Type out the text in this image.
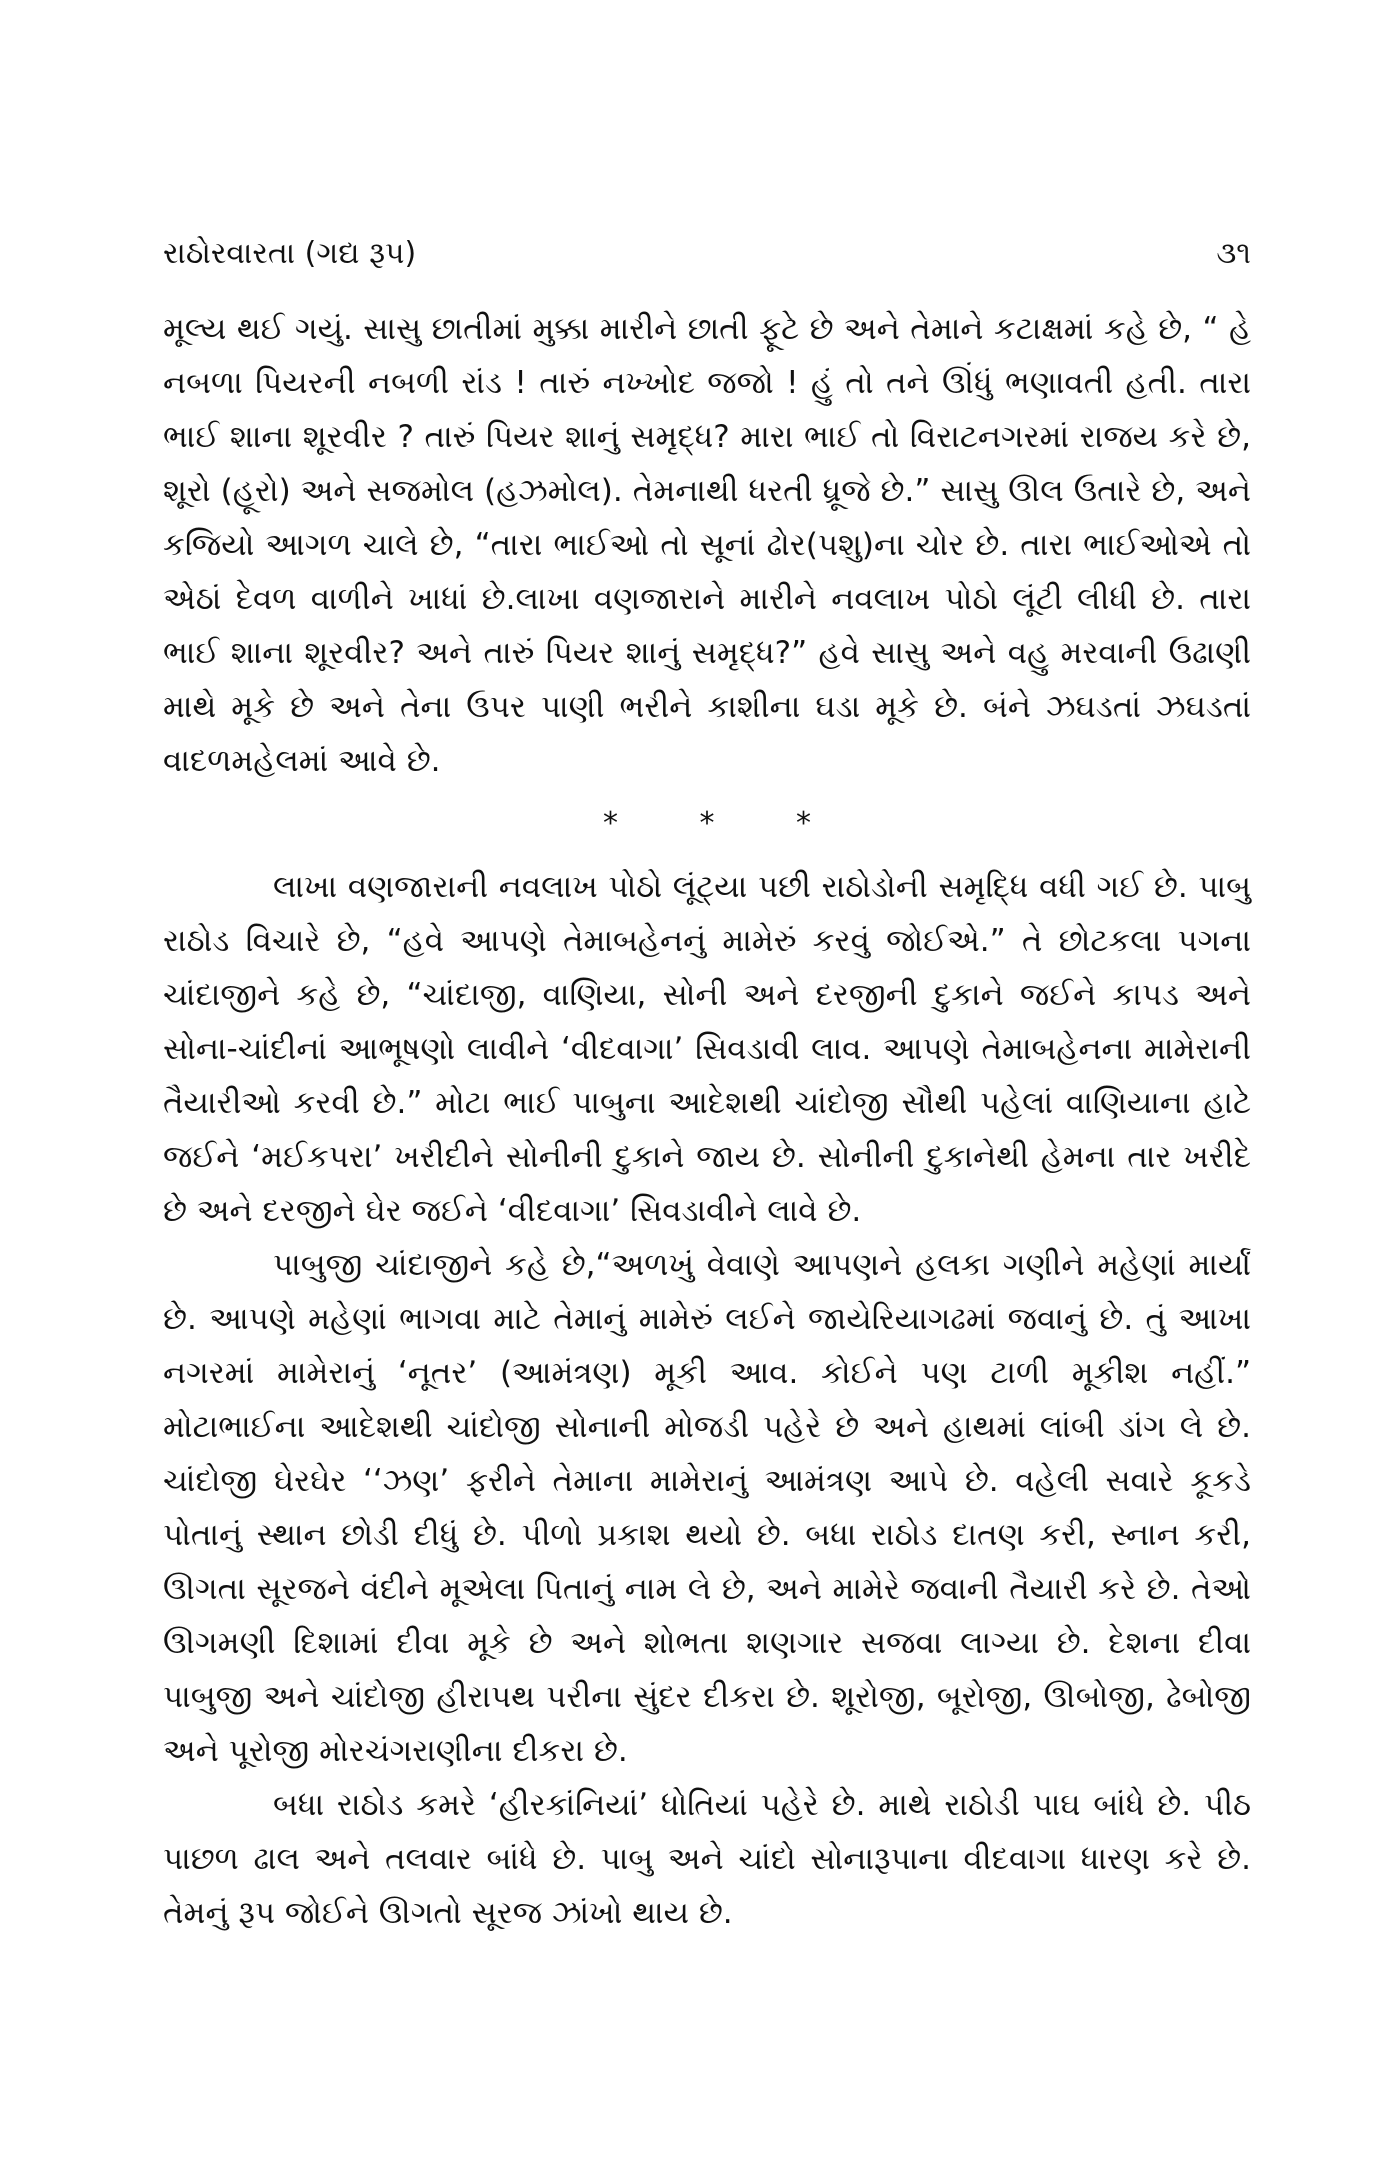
રાઠોરવારતા (ગદ્ય રૂપ)	૩૧

મૂલ્ય થઈ ગયું. સાસુ છાતીમાં મુક્કા મારીને છાતી ફૂટે છે અને તેમાને કટાક્ષમાં કહે છે, “ હે નબળા પિયરની નબળી રાંડ ! તારું નખ્ખોદ જજો ! હું તો તને ઊંધું ભણાવતી હતી. તારા ભાઈ શાના શૂરવીર ? તારું પિયર શાનું સમૃદ્ધ? મારા ભાઈ તો વિરાટનગરમાં રાજય કરે છે, શૂરો (હૂરો) અને સજમોલ (હઝમોલ). તેમનાથી ધરતી ધ્રૂજે છે.” સાસુ ઊલ ઉતારે છે, અને કજિયો આગળ ચાલે છે, “તારા ભાઈઓ તો સૂનાં ઢોર(પશુ)ના ચોર છે. તારા ભાઈઓએ તો એઠાં દેવળ વાળીને ખાધાં છે.લાખા વણજારાને મારીને નવલાખ પોઠો લૂંટી લીધી છે. તારા ભાઈ શાના શૂરવીર? અને તારું પિયર શાનું સમૃદ્ધ?” હવે સાસુ અને વહુ મરવાની ઉઢાણી માથે મૂકે છે અને તેના ઉપર પાણી ભરીને કાશીના ઘડા મૂકે છે. બંને ઝઘડતાં ઝઘડતાં વાદળમહેલમાં આવે છે.

* * *

લાખા વણજારાની નવલાખ પોઠો લૂંટ્યા પછી રાઠોડોની સમૃદ્ધિ વધી ગઈ છે. પાબુ રાઠોડ વિચારે છે, “હવે આપણે તેમાબહેનનું મામેરું કરવું જોઈએ.” તે છોટકલા પગના ચાંદાજીને કહે છે, “ચાંદાજી, વાણિયા, સોની અને દરજીની દુકાને જઈને કાપડ અને સોના-ચાંદીનાં આભૂષણો લાવીને ‘વીદવાગા’ સિવડાવી લાવ. આપણે તેમાબહેનના મામેરાની તૈયારીઓ કરવી છે.” મોટા ભાઈ પાબુના આદેશથી ચાંદોજી સૌથી પહેલાં વાણિયાના હાટે જઈને ‘મઈકપરા’ ખરીદીને સોનીની દુકાને જાય છે. સોનીની દુકાનેથી હેમના તાર ખરીદે છે અને દરજીને ઘેર જઈને ‘વીદવાગા’ સિવડાવીને લાવે છે.

પાબુજી ચાંદાજીને કહે છે,“અળખું વેવાણે આપણને હલકા ગણીને મહેણાં માર્યાં છે. આપણે મહેણાં ભાગવા માટે તેમાનું મામેરું લઈને જાયેરિયાગઢમાં જવાનું છે. તું આખા નગરમાં મામેરાનું ‘નૂતર’ (આમંત્રણ) મૂકી આવ. કોઈને પણ ટાળી મૂકીશ નહીં.” મોટાભાઈના આદેશથી ચાંદોજી સોનાની મોજડી પહેરે છે અને હાથમાં લાંબી ડાંગ લે છે. ચાંદોજી ઘેરઘેર ‘‘ઝણ’ ફરીને તેમાના મામેરાનું આમંત્રણ આપે છે. વહેલી સવારે કૂકડે પોતાનું સ્થાન છોડી દીધું છે. પીળો પ્રકાશ થયો છે. બધા રાઠોડ દાતણ કરી, સ્નાન કરી, ઊગતા સૂરજને વંદીને મૂએલા પિતાનું નામ લે છે, અને મામેરે જવાની તૈયારી કરે છે. તેઓ ઊગમણી દિશામાં દીવા મૂકે છે અને શોભતા શણગાર સજવા લાગ્યા છે. દેશના દીવા પાબુજી અને ચાંદોજી હીરાપથ પરીના સુંદર દીકરા છે. શૂરોજી, બૂરોજી, ઊબોજી, ઢેબોજી અને પૂરોજી મોરચંગરાણીના દીકરા છે.

બધા રાઠોડ કમરે ‘હીરકાંનિયાં’ ધોતિયાં પહેરે છે. માથે રાઠોડી પાઘ બાંધે છે. પીઠ પાછળ ઢાલ અને તલવાર બાંધે છે. પાબુ અને ચાંદો સોનારૂપાના વીદવાગા ધારણ કરે છે. તેમનું રૂપ જોઈને ઊગતો સૂરજ ઝાંખો થાય છે.
